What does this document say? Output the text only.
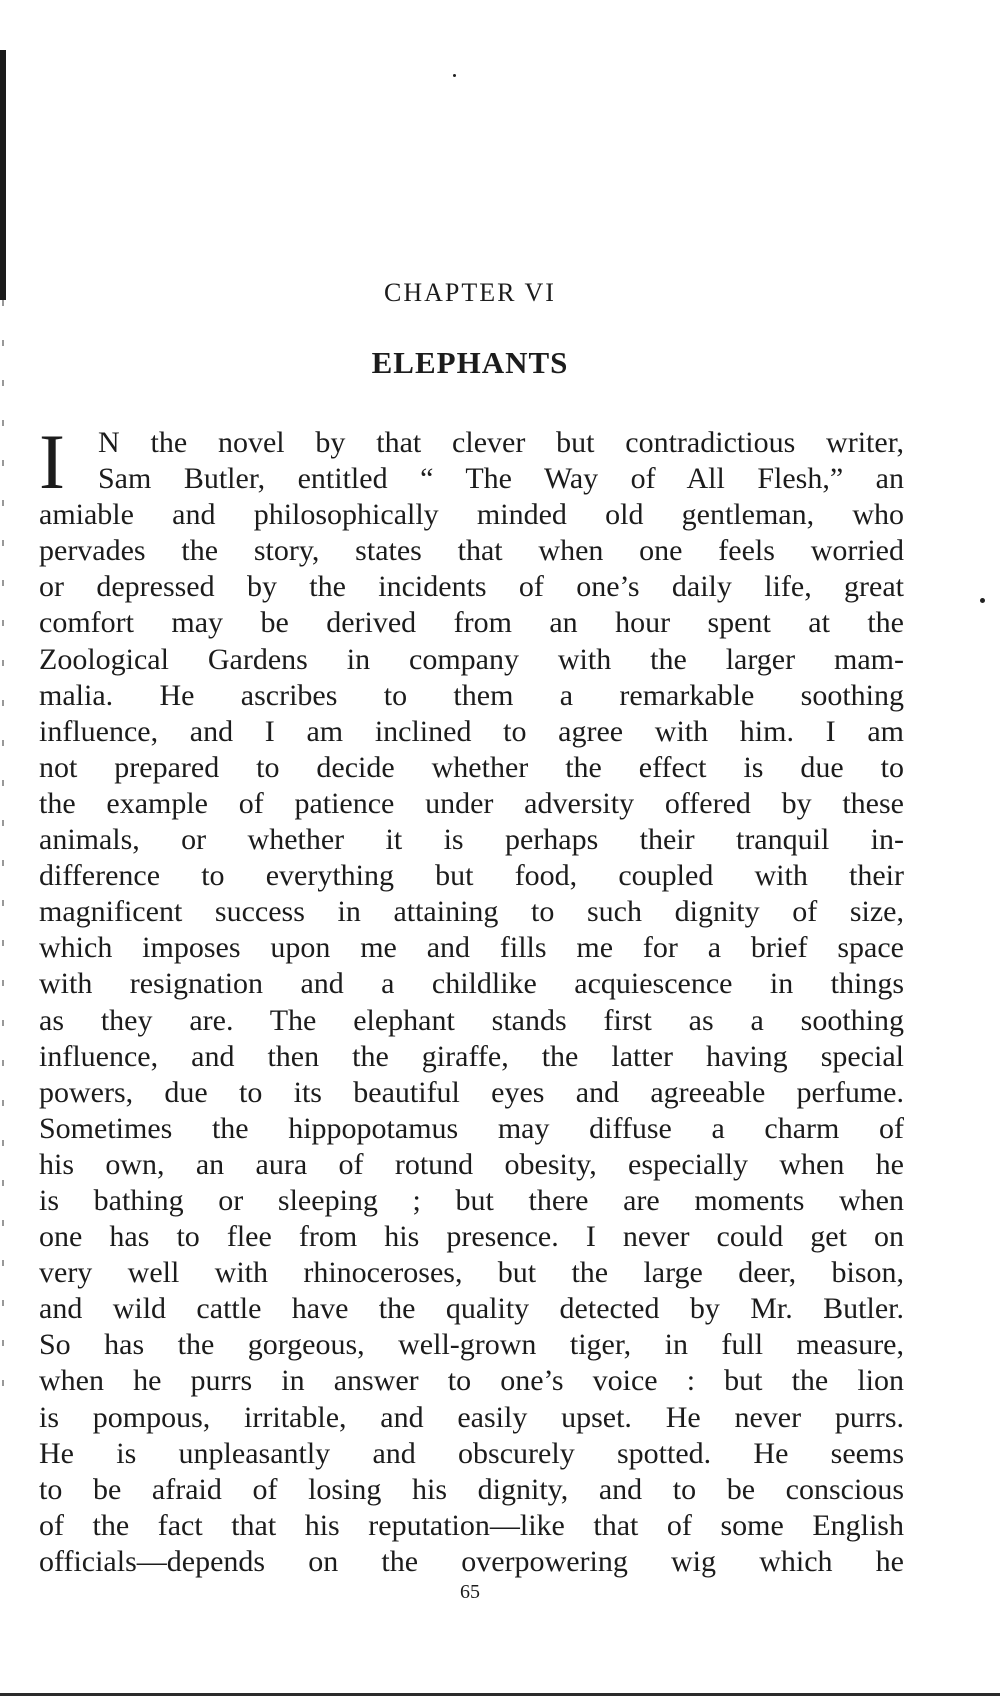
CHAPTER VI
ELEPHANTS
I	N the novel by that clever but contradictious writer,
Sam Butler, entitled “ The Way of All Flesh,” an
amiable and philosophically minded old gentleman, who
pervades the story, states that when one feels worried
or depressed by the incidents of one’s daily life, great
comfort may be derived from an hour spent at the
Zoological Gardens in company with the larger mam-
malia. He ascribes to them a remarkable soothing
influence, and I am inclined to agree with him. I am
not prepared to decide whether the effect is due to
the example of patience under adversity offered by these
animals, or whether it is perhaps their tranquil in-
difference to everything but food, coupled with their
magnificent success in attaining to such dignity of size,
which imposes upon me and fills me for a brief space
with resignation and a childlike acquiescence in things
as they are. The elephant stands first as a soothing
influence, and then the giraffe, the latter having special
powers, due to its beautiful eyes and agreeable perfume.
Sometimes the hippopotamus may diffuse a charm of
his own, an aura of rotund obesity, especially when he
is bathing or sleeping ; but there are moments when
one has to flee from his presence. I never could get on
very well with rhinoceroses, but the large deer, bison,
and wild cattle have the quality detected by Mr. Butler.
So has the gorgeous, well-grown tiger, in full measure,
when he purrs in answer to one’s voice : but the lion
is pompous, irritable, and easily upset. He never purrs.
He is unpleasantly and obscurely spotted. He seems
to be afraid of losing his dignity, and to be conscious
of the fact that his reputation—like that of some English
officials—depends on the overpowering wig which he
65
